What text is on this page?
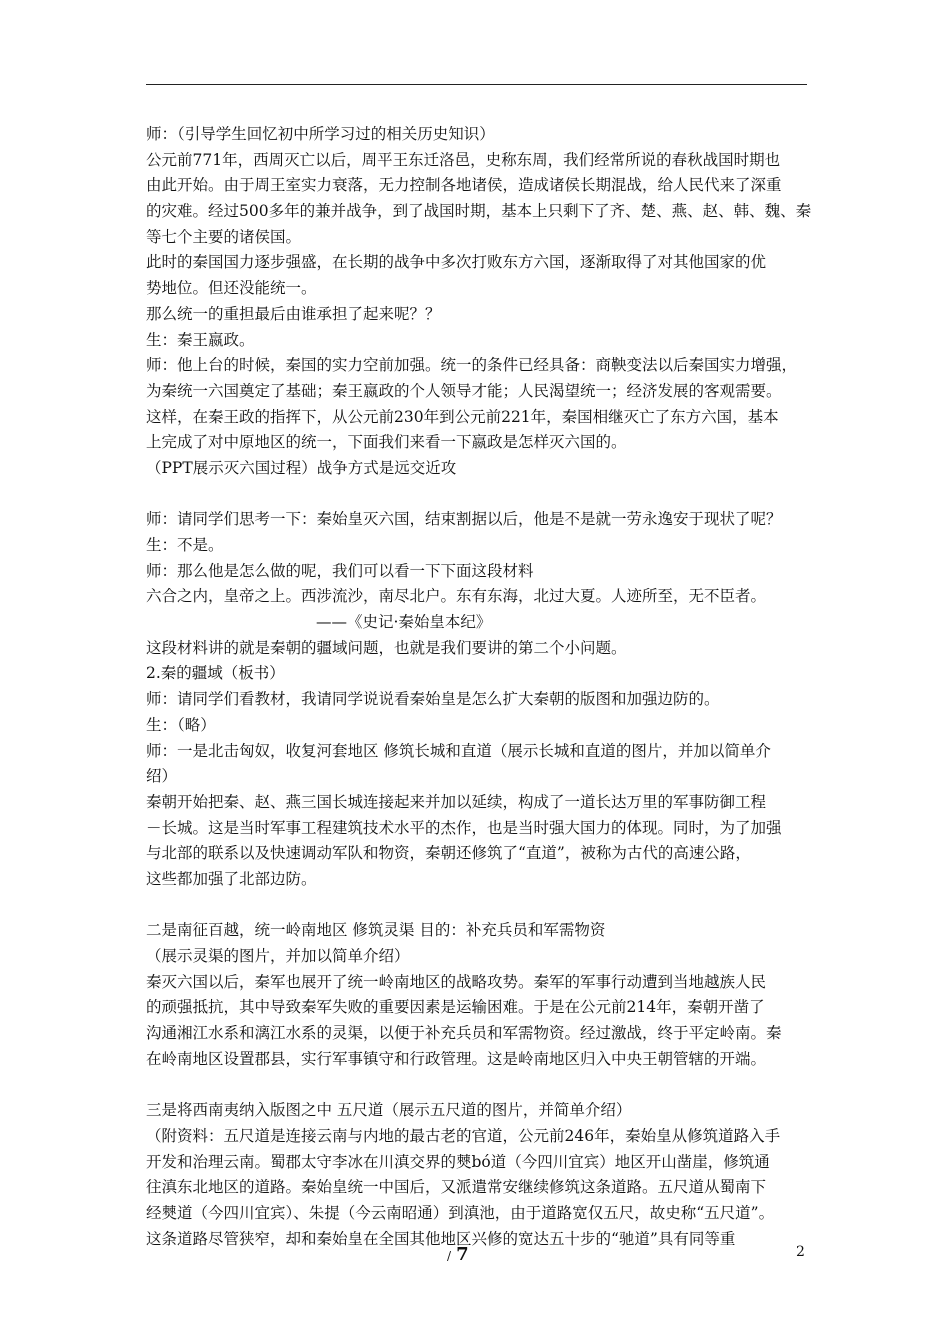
师：（引导学生回忆初中所学习过的相关历史知识）
公元前771年，西周灭亡以后，周平王东迁洛邑，史称东周，我们经常所说的春秋战国时期也
由此开始。由于周王室实力衰落，无力控制各地诸侯，造成诸侯长期混战，给人民代来了深重
的灾难。经过500多年的兼并战争，到了战国时期，基本上只剩下了齐、楚、燕、赵、韩、魏、秦
等七个主要的诸侯国。
此时的秦国国力逐步强盛，在长期的战争中多次打败东方六国，逐渐取得了对其他国家的优
势地位。但还没能统一。
那么统一的重担最后由谁承担了起来呢？？
生：秦王嬴政。
师：他上台的时候，秦国的实力空前加强。统一的条件已经具备：商鞅变法以后秦国实力增强，
为秦统一六国奠定了基础；秦王嬴政的个人领导才能；人民渴望统一；经济发展的客观需要。
这样，在秦王政的指挥下，从公元前230年到公元前221年，秦国相继灭亡了东方六国，基本
上完成了对中原地区的统一，下面我们来看一下嬴政是怎样灭六国的。
（PPT展示灭六国过程）战争方式是远交近攻
师：请同学们思考一下：秦始皇灭六国，结束割据以后，他是不是就一劳永逸安于现状了呢？
生：不是。
师：那么他是怎么做的呢，我们可以看一下下面这段材料
六合之内，皇帝之上。西涉流沙，南尽北户。东有东海，北过大夏。人迹所至，无不臣者。
——《史记·秦始皇本纪》
这段材料讲的就是秦朝的疆域问题，也就是我们要讲的第二个小问题。
2.秦的疆域（板书）
师：请同学们看教材，我请同学说说看秦始皇是怎么扩大秦朝的版图和加强边防的。
生：（略）
师：一是北击匈奴，收复河套地区 修筑长城和直道（展示长城和直道的图片，并加以简单介
绍）
秦朝开始把秦、赵、燕三国长城连接起来并加以延续，构成了一道长达万里的军事防御工程
－长城。这是当时军事工程建筑技术水平的杰作，也是当时强大国力的体现。同时，为了加强
与北部的联系以及快速调动军队和物资，秦朝还修筑了“直道”，被称为古代的高速公路，
这些都加强了北部边防。
二是南征百越，统一岭南地区 修筑灵渠 目的：补充兵员和军需物资
（展示灵渠的图片，并加以简单介绍）
秦灭六国以后，秦军也展开了统一岭南地区的战略攻势。秦军的军事行动遭到当地越族人民
的顽强抵抗，其中导致秦军失败的重要因素是运输困难。于是在公元前214年，秦朝开凿了
沟通湘江水系和漓江水系的灵渠，以便于补充兵员和军需物资。经过激战，终于平定岭南。秦
在岭南地区设置郡县，实行军事镇守和行政管理。这是岭南地区归入中央王朝管辖的开端。
三是将西南夷纳入版图之中 五尺道（展示五尺道的图片，并简单介绍）
（附资料：五尺道是连接云南与内地的最古老的官道，公元前246年，秦始皇从修筑道路入手
开发和治理云南。蜀郡太守李冰在川滇交界的僰bó道（今四川宜宾）地区开山凿崖，修筑通
往滇东北地区的道路。秦始皇统一中国后，又派遣常安继续修筑这条道路。五尺道从蜀南下
经僰道（今四川宜宾）、朱提（今云南昭通）到滇池，由于道路宽仅五尺，故史称“五尺道”。
这条道路尽管狭窄，却和秦始皇在全国其他地区兴修的宽达五十步的“驰道”具有同等重
/ 7	2
